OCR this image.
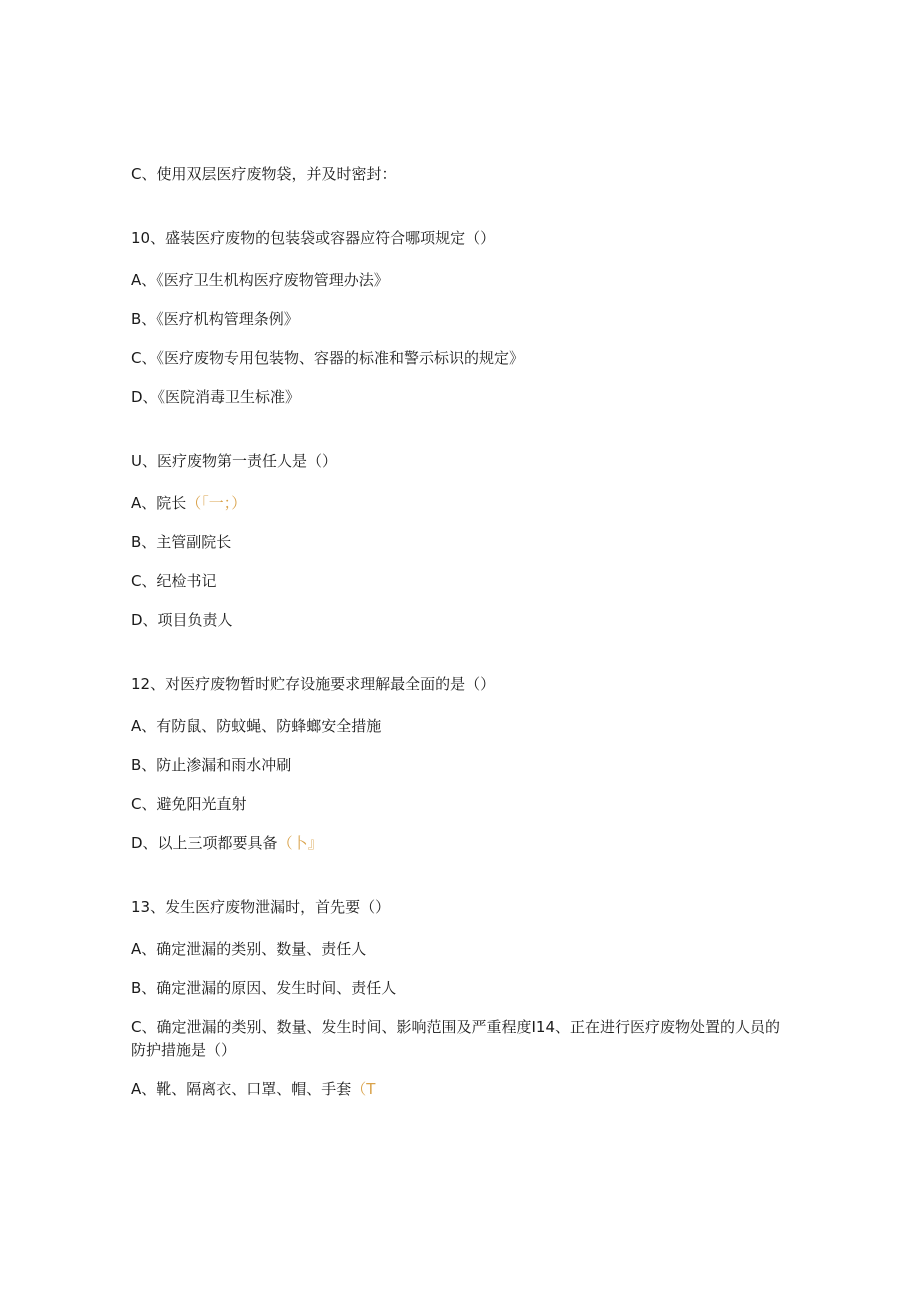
C、使用双层医疗废物袋，并及时密封：
10、盛装医疗废物的包装袋或容器应符合哪项规定（）
A、《医疗卫生机构医疗废物管理办法》
B、《医疗机构管理条例》
C、《医疗废物专用包装物、容器的标准和警示标识的规定》
D、《医院消毒卫生标准》
U、医疗废物第一责任人是（）
A、院长（「一；）
B、主管副院长
C、纪检书记
D、项目负责人
12、对医疗废物暂时贮存设施要求理解最全面的是（）
A、有防鼠、防蚊蝇、防蜂螂安全措施
B、防止渗漏和雨水冲刷
C、避免阳光直射
D、以上三项都要具备（卜』
13、发生医疗废物泄漏时，首先要（）
A、确定泄漏的类别、数量、责任人
B、确定泄漏的原因、发生时间、责任人
C、确定泄漏的类别、数量、发生时间、影响范围及严重程度I14、正在进行医疗废物处置的人员的防护措施是（）
A、靴、隔离衣、口罩、帽、手套（T
